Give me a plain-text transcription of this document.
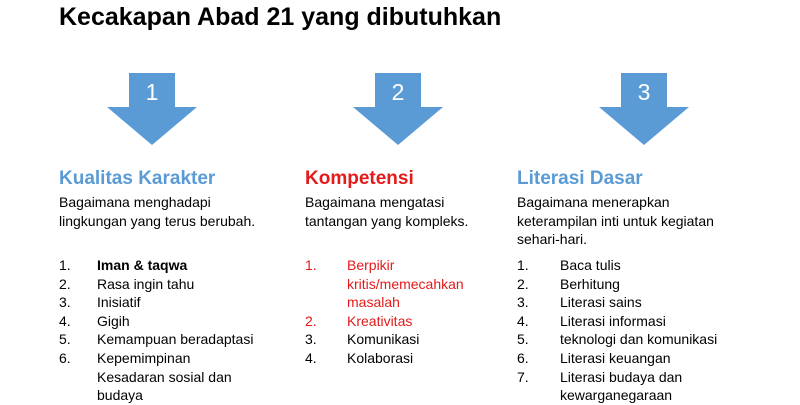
Kecakapan Abad 21 yang dibutuhkan
1	2	3
Kualitas Karakter
Bagaimana menghadapi
lingkungan yang terus berubah.
1.	Iman & taqwa
2.	Rasa ingin tahu
3.	Inisiatif
4.	Gigih
5.	Kemampuan beradaptasi
6.	Kepemimpinan
Kesadaran sosial dan
budaya
Kompetensi
Bagaimana mengatasi
tantangan yang kompleks.
1.	Berpikir
kritis/memecahkan
masalah
2.	Kreativitas
3.	Komunikasi
4.	Kolaborasi
Literasi Dasar
Bagaimana menerapkan
keterampilan inti untuk kegiatan
sehari-hari.
1.	Baca tulis
2.	Berhitung
3.	Literasi sains
4.	Literasi informasi
5.	teknologi dan komunikasi
6.	Literasi keuangan
7.	Literasi budaya dan
kewarganegaraan
